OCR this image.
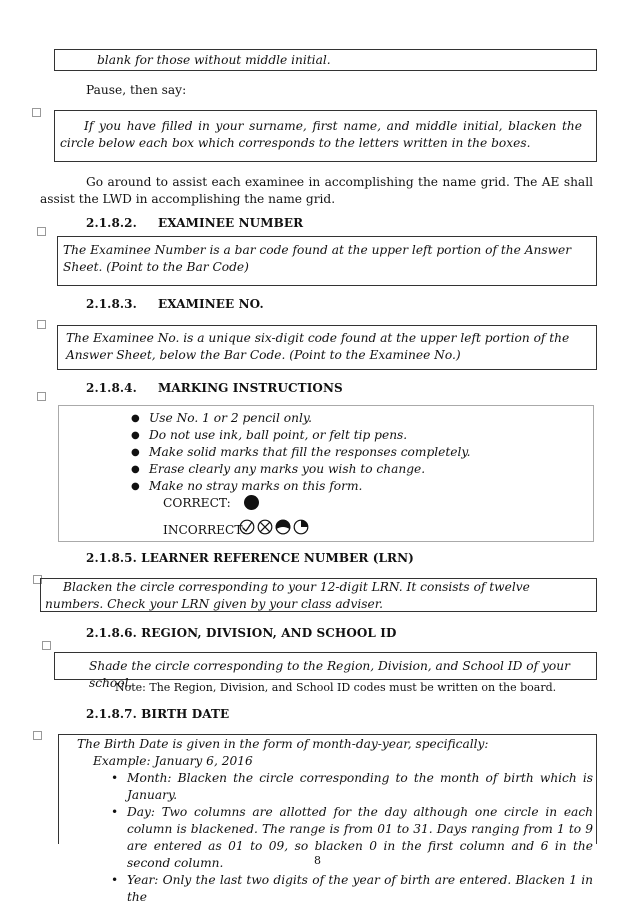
blank for those without middle initial.
Pause, then say:
If you have filled in your surname, first name, and middle initial, blacken the circle below each box which corresponds to the letters written in the boxes.
Go around to assist each examinee in accomplishing the name grid. The AE shall assist the LWD in accomplishing the name grid.
2.1.8.2. EXAMINEE NUMBER
The Examinee Number is a bar code found at the upper left portion of the Answer Sheet. (Point to the Bar Code)
2.1.8.3. EXAMINEE NO.
The Examinee No. is a unique six-digit code found at the upper left portion of the Answer Sheet, below the Bar Code. (Point to the Examinee No.)
2.1.8.4. MARKING INSTRUCTIONS
● Use No. 1 or 2 pencil only.
● Do not use ink, ball point, or felt tip pens.
● Make solid marks that fill the responses completely.
● Erase clearly any marks you wish to change.
● Make no stray marks on this form.
CORRECT:
INCORRECT:
2.1.8.5. LEARNER REFERENCE NUMBER (LRN)
Blacken the circle corresponding to your 12-digit LRN. It consists of twelve numbers. Check your LRN given by your class adviser.
2.1.8.6. REGION, DIVISION, AND SCHOOL ID
Shade the circle corresponding to the Region, Division, and School ID of your school.
Note: The Region, Division, and School ID codes must be written on the board.
2.1.8.7. BIRTH DATE
The Birth Date is given in the form of month-day-year, specifically:
Example: January 6, 2016
• Month: Blacken the circle corresponding to the month of birth which is January.
• Day: Two columns are allotted for the day although one circle in each column is blackened. The range is from 01 to 31. Days ranging from 1 to 9 are entered as 01 to 09, so blacken 0 in the first column and 6 in the second column.
• Year: Only the last two digits of the year of birth are entered. Blacken 1 in the
8
